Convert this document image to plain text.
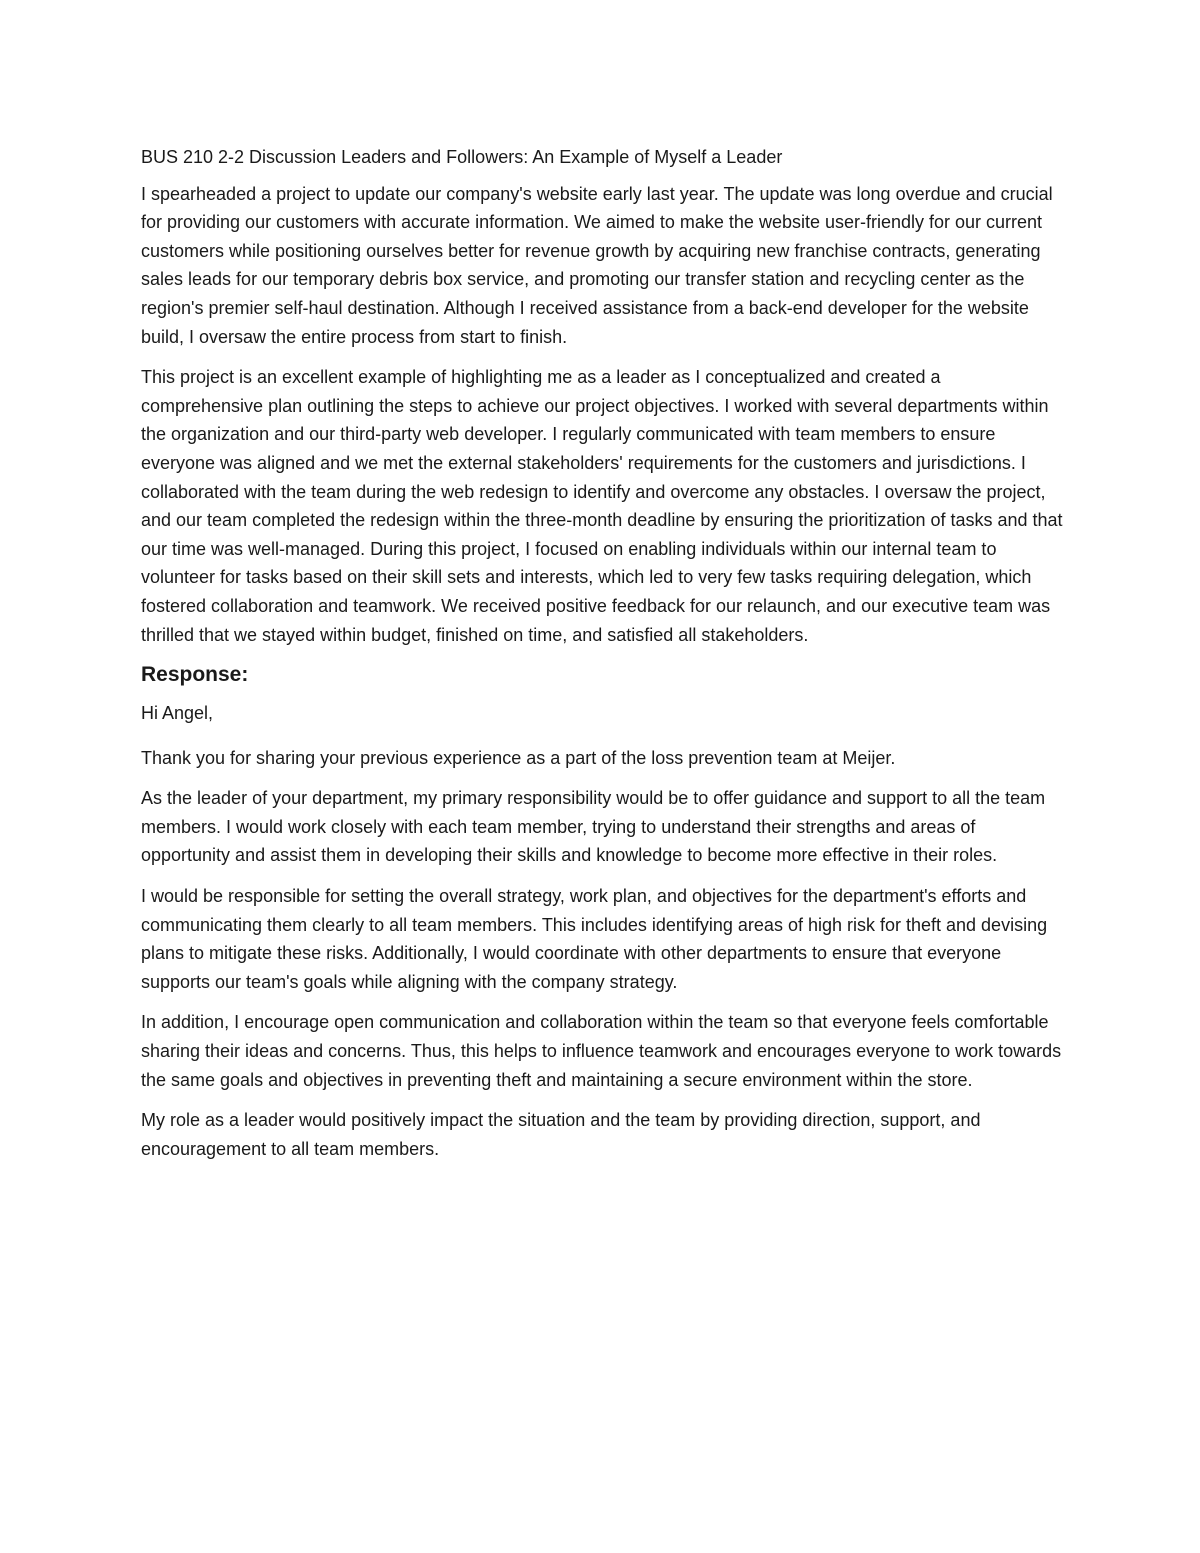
BUS 210 2-2 Discussion Leaders and Followers: An Example of Myself a Leader

I spearheaded a project to update our company's website early last year. The update was long overdue and crucial for providing our customers with accurate information. We aimed to make the website user-friendly for our current customers while positioning ourselves better for revenue growth by acquiring new franchise contracts, generating sales leads for our temporary debris box service, and promoting our transfer station and recycling center as the region's premier self-haul destination. Although I received assistance from a back-end developer for the website build, I oversaw the entire process from start to finish.

This project is an excellent example of highlighting me as a leader as I conceptualized and created a comprehensive plan outlining the steps to achieve our project objectives. I worked with several departments within the organization and our third-party web developer. I regularly communicated with team members to ensure everyone was aligned and we met the external stakeholders' requirements for the customers and jurisdictions. I collaborated with the team during the web redesign to identify and overcome any obstacles. I oversaw the project, and our team completed the redesign within the three-month deadline by ensuring the prioritization of tasks and that our time was well-managed. During this project, I focused on enabling individuals within our internal team to volunteer for tasks based on their skill sets and interests, which led to very few tasks requiring delegation, which fostered collaboration and teamwork. We received positive feedback for our relaunch, and our executive team was thrilled that we stayed within budget, finished on time, and satisfied all stakeholders.

Response:

Hi Angel,

Thank you for sharing your previous experience as a part of the loss prevention team at Meijer.

As the leader of your department, my primary responsibility would be to offer guidance and support to all the team members. I would work closely with each team member, trying to understand their strengths and areas of opportunity and assist them in developing their skills and knowledge to become more effective in their roles.

I would be responsible for setting the overall strategy, work plan, and objectives for the department's efforts and communicating them clearly to all team members. This includes identifying areas of high risk for theft and devising plans to mitigate these risks. Additionally, I would coordinate with other departments to ensure that everyone supports our team's goals while aligning with the company strategy.

In addition, I encourage open communication and collaboration within the team so that everyone feels comfortable sharing their ideas and concerns. Thus, this helps to influence teamwork and encourages everyone to work towards the same goals and objectives in preventing theft and maintaining a secure environment within the store.

My role as a leader would positively impact the situation and the team by providing direction, support, and encouragement to all team members.
